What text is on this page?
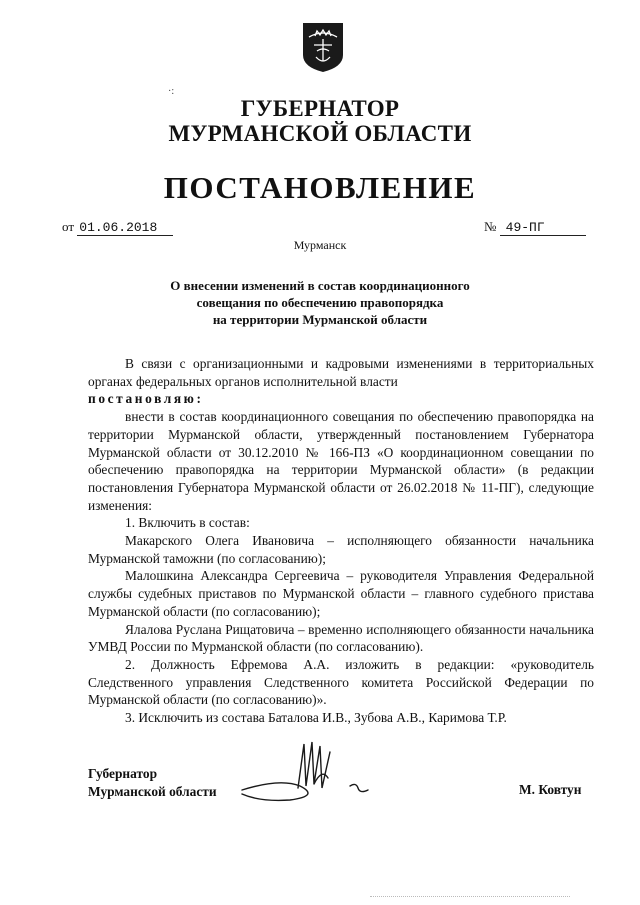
·:
ГУБЕРНАТОР
МУРМАНСКОЙ ОБЛАСТИ
ПОСТАНОВЛЕНИЕ
от 01.06.2018	№ 49-ПГ
Мурманск
О внесении изменений в состав координационного
совещания по обеспечению правопорядка
на территории Мурманской области

В связи с организационными и кадровыми изменениями в территориальных органах федеральных органов исполнительной власти

постановляю:

внести в состав координационного совещания по обеспечению правопорядка на территории Мурманской области, утвержденный постановлением Губернатора Мурманской области от 30.12.2010 № 166-ПЗ «О координационном совещании по обеспечению правопорядка на территории Мурманской области» (в редакции постановления Губернатора Мурманской области от 26.02.2018 № 11-ПГ), следующие изменения:

1. Включить в состав:

Макарского Олега Ивановича – исполняющего обязанности начальника Мурманской таможни (по согласованию);

Малошкина Александра Сергеевича – руководителя Управления Федеральной службы судебных приставов по Мурманской области – главного судебного пристава Мурманской области (по согласованию);

Ялалова Руслана Рищатовича – временно исполняющего обязанности начальника УМВД России по Мурманской области (по согласованию).

2. Должность Ефремова А.А. изложить в редакции: «руководитель Следственного управления Следственного комитета Российской Федерации по Мурманской области (по согласованию)».

3. Исключить из состава Баталова И.В., Зубова А.В., Каримова Т.Р.

Губернатор
Мурманской области	М. Ковтун
